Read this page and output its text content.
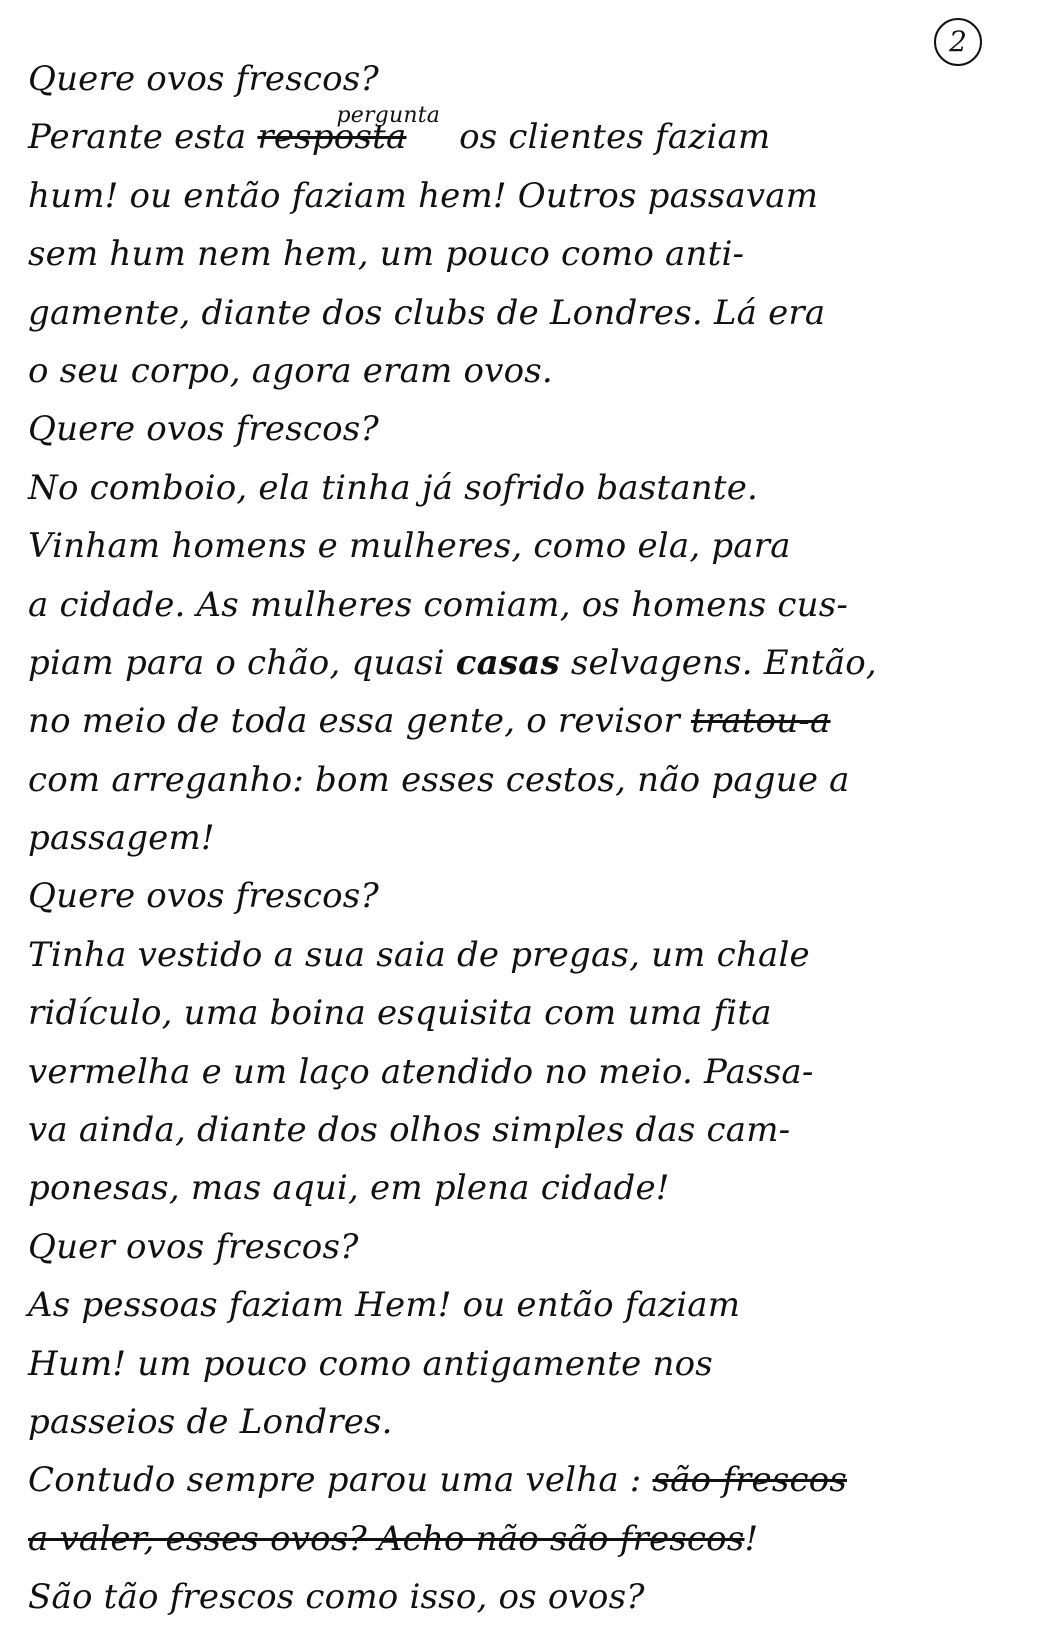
2
Quere ovos frescos?
Perante esta resposta$^{pergunta}$ os clientes faziam
hum! ou então faziam hem! Outros passavam
sem hum nem hem, um pouco como anti-
gamente, diante dos clubs de Londres. Lá era
o seu corpo, agora eram ovos.
Quere ovos frescos?
No comboio, ela tinha já sofrido bastante.
Vinham homens e mulheres, como ela, para
a cidade. As mulheres comiam, os homens cus-
piam para o chão, quasi casas selvagens. Então,
no meio de toda essa gente, o revisor tratou-a
com arreganho: bom esses cestos, não pague a
passagem!
Quere ovos frescos?
Tinha vestido a sua saia de pregas, um chale
ridículo, uma boina esquisita com uma fita
vermelha e um laço atendido no meio. Passa-
va ainda, diante dos olhos simples das cam-
ponesas, mas aqui, em plena cidade!
Quer ovos frescos?
As pessoas faziam Hem! ou então faziam
Hum! um pouco como antigamente nos
passeios de Londres.
Contudo sempre parou uma velha : são frescos
a valer, esses ovos? Acho não são frescos!
São tão frescos como isso, os ovos?
